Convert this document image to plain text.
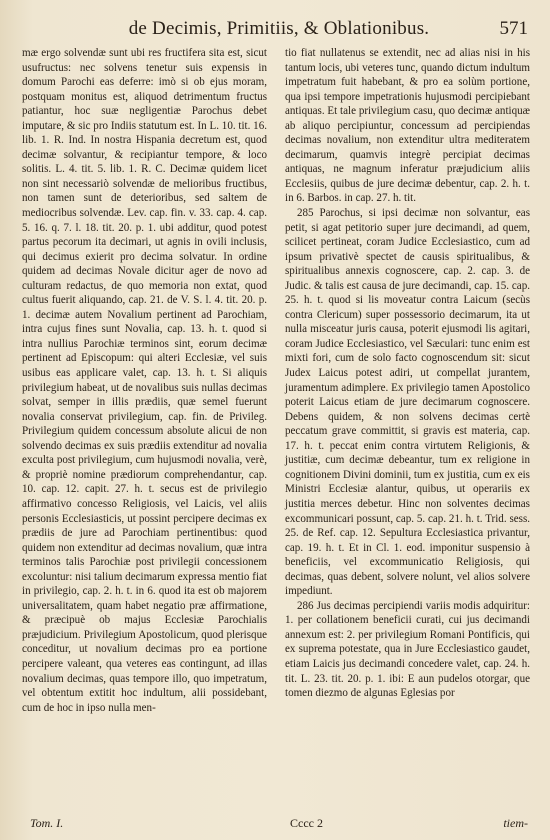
de Decimis, Primitiis, & Oblationibus.	571

mæ ergo solvendæ sunt ubi res fructifera sita est, sicut usufructus: nec solvens tenetur suis expensis in domum Parochi eas deferre: imò si ob ejus moram, postquam monitus est, aliquod detrimentum fructus patiantur, hoc suæ negligentiæ Parochus debet imputare, & sic pro Indiis statutum est. In L. 10. tit. 16. lib. 1. R. Ind. In nostra Hispania decretum est, quod decimæ solvantur, & recipiantur tempore, & loco solitis. L. 4. tit. 5. lib. 1. R. C. Decimæ quidem licet non sint necessariò solvendæ de melioribus fructibus, non tamen sunt de deterioribus, sed saltem de mediocribus solvendæ. Lev. cap. fin. v. 33. cap. 4. cap. 5. 16. q. 7. l. 18. tit. 20. p. 1. ubi additur, quod potest partus pecorum ita decimari, ut agnis in ovili inclusis, qui decimus exierit pro decima solvatur. In ordine quidem ad decimas Novale dicitur ager de novo ad culturam redactus, de quo memoria non extat, quod cultus fuerit aliquando, cap. 21. de V. S. l. 4. tit. 20. p. 1. decimæ autem Novalium pertinent ad Parochiam, intra cujus fines sunt Novalia, cap. 13. h. t. quod si intra nullius Parochiæ terminos sint, eorum decimæ pertinent ad Episcopum: qui alteri Ecclesiæ, vel suis usibus eas applicare valet, cap. 13. h. t. Si aliquis privilegium habeat, ut de novalibus suis nullas decimas solvat, semper in illis prædiis, quæ semel fuerunt novalia conservat privilegium, cap. fin. de Privileg. Privilegium quidem concessum absolute alicui de non solvendo decimas ex suis prædiis extenditur ad novalia exculta post privilegium, cum hujusmodi novalia, verè, & propriè nomine prædiorum comprehendantur, cap. 10. cap. 12. capit. 27. h. t. secus est de privilegio affirmativo concesso Religiosis, vel Laicis, vel aliis personis Ecclesiasticis, ut possint percipere decimas ex prædiis de jure ad Parochiam pertinentibus: quod quidem non extenditur ad decimas novalium, quæ intra terminos talis Parochiæ post privilegii concessionem excoluntur: nisi talium decimarum expressa mentio fiat in privilegio, cap. 2. h. t. in 6. quod ita est ob majorem universalitatem, quam habet negatio præ affirmatione, & præcipuè ob majus Ecclesiæ Parochialis præjudicium. Privilegium Apostolicum, quod plerisque conceditur, ut novalium decimas pro ea portione percipere valeant, qua veteres eas contingunt, ad illas novalium decimas, quas tempore illo, quo impetratum, vel obtentum extitit hoc indultum, alii possidebant, cum de hoc in ipso nulla men-

tio fiat nullatenus se extendit, nec ad alias nisi in his tantum locis, ubi veteres tunc, quando dictum indultum impetratum fuit habebant, & pro ea solùm portione, qua ipsi tempore impetrationis hujusmodi percipiebant antiquas. Et tale privilegium casu, quo decimæ antiquæ ab aliquo percipiuntur, concessum ad percipiendas decimas novalium, non extenditur ultra mediteratem decimarum, quamvis integrè percipiat decimas antiquas, ne magnum inferatur præjudicium aliis Ecclesiis, quibus de jure decimæ debentur, cap. 2. h. t. in 6. Barbos. in cap. 27. h. tit.

285 Parochus, si ipsi decimæ non solvantur, eas petit, si agat petitorio super jure decimandi, ad quem, scilicet pertineat, coram Judice Ecclesiastico, cum ad ipsum privativè spectet de causis spiritualibus, & spiritualibus annexis cognoscere, cap. 2. cap. 3. de Judic. & talis est causa de jure decimandi, cap. 15. cap. 25. h. t. quod si lis moveatur contra Laicum (secùs contra Clericum) super possessorio decimarum, ita ut nulla misceatur juris causa, poterit ejusmodi lis agitari, coram Judice Ecclesiastico, vel Sæculari: tunc enim est mixti fori, cum de solo facto cognoscendum sit: sicut Judex Laicus potest adiri, ut compellat jurantem, juramentum adimplere. Ex privilegio tamen Apostolico poterit Laicus etiam de jure decimarum cognoscere. Debens quidem, & non solvens decimas certè peccatum grave committit, si gravis est materia, cap. 17. h. t. peccat enim contra virtutem Religionis, & justitiæ, cum decimæ debeantur, tum ex religione in cognitionem Divini dominii, tum ex justitia, cum ex eis Ministri Ecclesiæ alantur, quibus, ut operariis ex justitia merces debetur. Hinc non solventes decimas excommunicari possunt, cap. 5. cap. 21. h. t. Trid. sess. 25. de Ref. cap. 12. Sepultura Ecclesiastica privantur, cap. 19. h. t. Et in Cl. 1. eod. imponitur suspensio à beneficiis, vel excommunicatio Religiosis, qui decimas, quas debent, solvere nolunt, vel alios solvere impediunt.

286 Jus decimas percipiendi variis modis adquiritur: 1. per collationem beneficii curati, cui jus decimandi annexum est: 2. per privilegium Romani Pontificis, qui ex suprema potestate, qua in Jure Ecclesiastico gaudet, etiam Laicis jus decimandi concedere valet, cap. 24. h. tit. L. 23. tit. 20. p. 1. ibi: E aun pudelos otorgar, que tomen diezmo de algunas Eglesias por

Tom. I.	Cccc 2	tiem-
